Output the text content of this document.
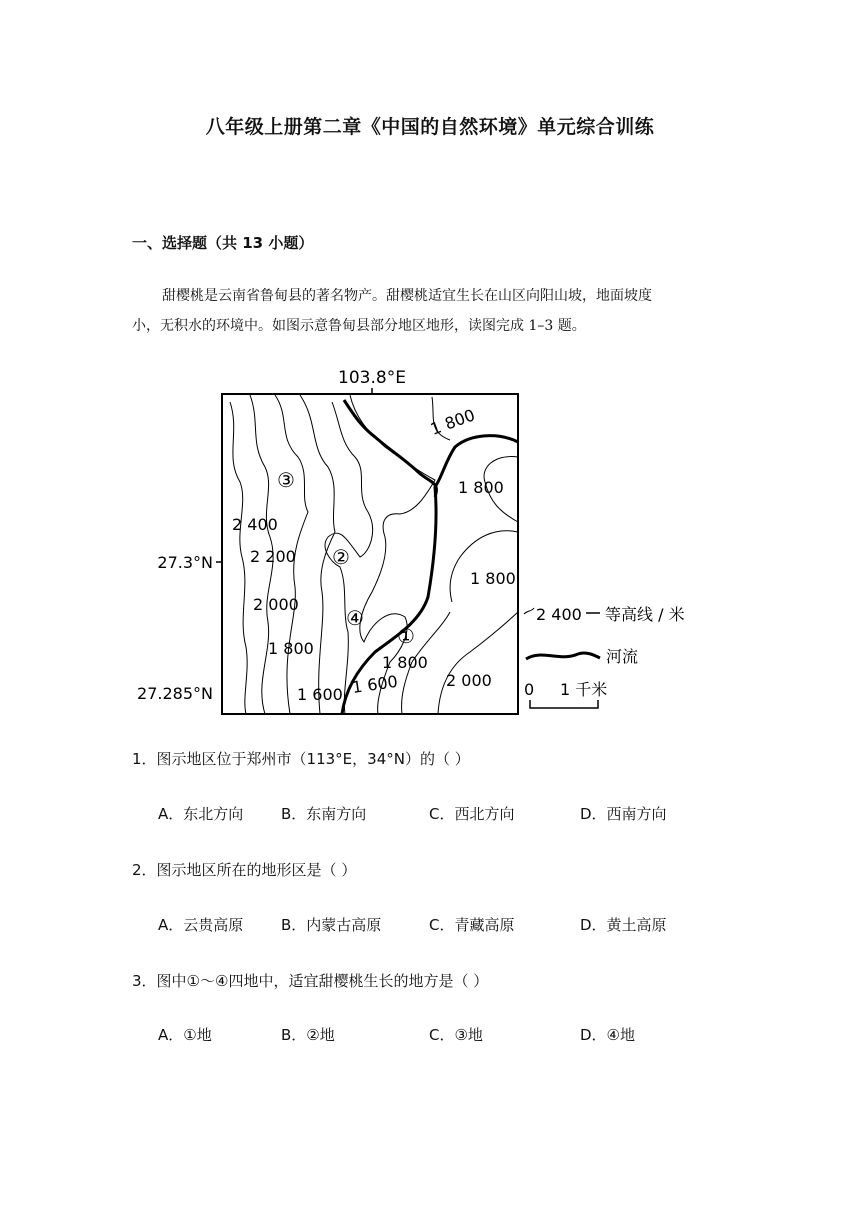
八年级上册第二章《中国的自然环境》单元综合训练
一、选择题（共 13 小题）
甜樱桃是云南省鲁甸县的著名物产。甜樱桃适宜生长在山区向阳山坡，地面坡度
小，无积水的环境中。如图示意鲁甸县部分地区地形，读图完成 1–3 题。
103.8°E
27.3°N
27.285°N
1 800
1 800
2 400
2 200
1 800
2 000
1 800
1 800
1 600 1 600	2 000
③
②
④
①
2 400 等高线 / 米
河流
0 1 千米
1．图示地区位于郑州市（113°E，34°N）的（ ）
A．东北方向	B．东南方向	C．西北方向	D．西南方向
2．图示地区所在的地形区是（ ）
A．云贵高原	B．内蒙古高原	C．青藏高原	D．黄土高原
3．图中①～④四地中，适宜甜樱桃生长的地方是（ ）
A．①地	B．②地	C．③地	D．④地
